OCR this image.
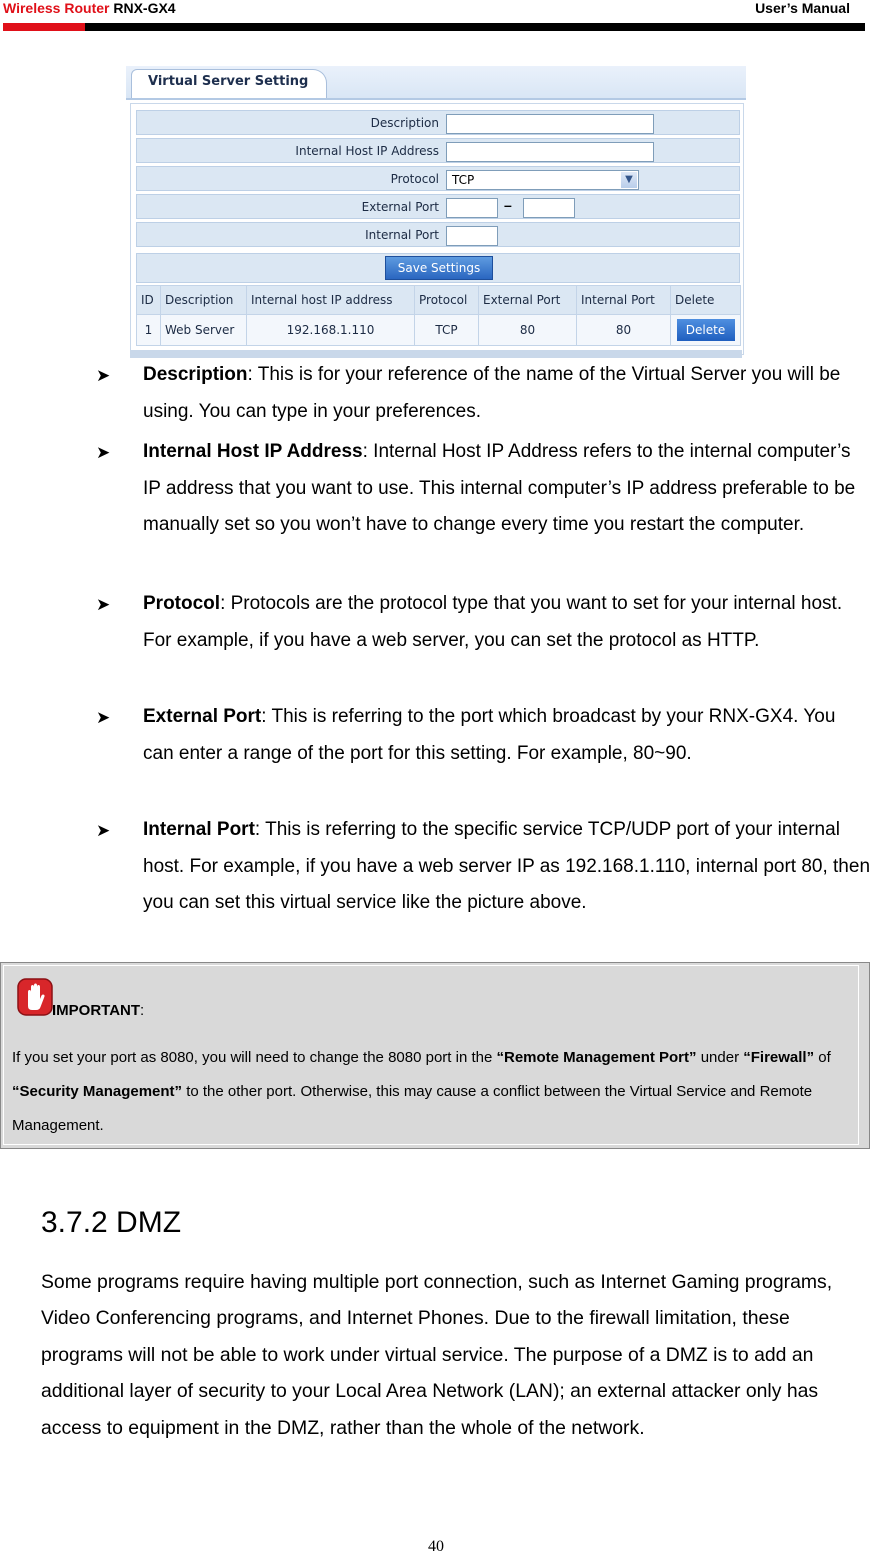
Wireless Router RNX-GX4	User’s Manual
Virtual Server Setting
Description
Internal Host IP Address
Protocol	TCP	▼
External Port	–
Internal Port
Save Settings
ID	Description	Internal host IP address	Protocol	External Port	Internal Port	Delete
1	Web Server	192.168.1.110	TCP	80	80	Delete
➤ Description: This is for your reference of the name of the Virtual Server you will be using. You can type in your preferences.
➤ Internal Host IP Address: Internal Host IP Address refers to the internal computer’s IP address that you want to use. This internal computer’s IP address preferable to be manually set so you won’t have to change every time you restart the computer.
➤ Protocol: Protocols are the protocol type that you want to set for your internal host. For example, if you have a web server, you can set the protocol as HTTP.
➤ External Port: This is referring to the port which broadcast by your RNX-GX4. You can enter a range of the port for this setting. For example, 80~90.
➤ Internal Port: This is referring to the specific service TCP/UDP port of your internal host. For example, if you have a web server IP as 192.168.1.110, internal port 80, then you can set this virtual service like the picture above.
IMPORTANT:
If you set your port as 8080, you will need to change the 8080 port in the “Remote Management Port” under “Firewall” of “Security Management” to the other port. Otherwise, this may cause a conflict between the Virtual Service and Remote Management.
3.7.2 DMZ
Some programs require having multiple port connection, such as Internet Gaming programs, Video Conferencing programs, and Internet Phones. Due to the firewall limitation, these programs will not be able to work under virtual service. The purpose of a DMZ is to add an additional layer of security to your Local Area Network (LAN); an external attacker only has access to equipment in the DMZ, rather than the whole of the network.
40
